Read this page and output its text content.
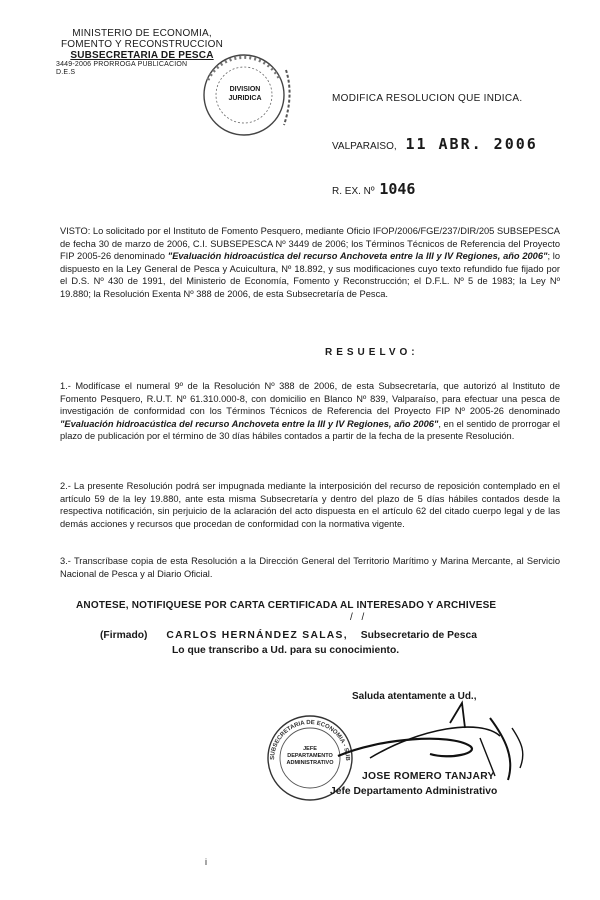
MINISTERIO DE ECONOMIA,
FOMENTO Y RECONSTRUCCION
SUBSECRETARIA DE PESCA
3449-2006 PRORROGA PUBLICACION
D.E.S
DIVISION
JURIDICA	MODIFICA RESOLUCION QUE INDICA.
VALPARAISO, 11 ABR. 2006
R. EX. Nº 1046
VISTO: Lo solicitado por el Instituto de Fomento Pesquero, mediante Oficio IFOP/2006/FGE/237/DIR/205 SUBSEPESCA de fecha 30 de marzo de 2006, C.I. SUBSEPESCA Nº 3449 de 2006; los Términos Técnicos de Referencia del Proyecto FIP 2005-26 denominado "Evaluación hidroacústica del recurso Anchoveta entre la III y IV Regiones, año 2006"; lo dispuesto en la Ley General de Pesca y Acuicultura, Nº 18.892, y sus modificaciones cuyo texto refundido fue fijado por el D.S. Nº 430 de 1991, del Ministerio de Economía, Fomento y Reconstrucción; el D.F.L. Nº 5 de 1983; la Ley Nº 19.880; la Resolución Exenta Nº 388 de 2006, de esta Subsecretaría de Pesca.
RESUELVO:
1.- Modifícase el numeral 9º de la Resolución Nº 388 de 2006, de esta Subsecretaría, que autorizó al Instituto de Fomento Pesquero, R.U.T. Nº 61.310.000-8, con domicilio en Blanco Nº 839, Valparaíso, para efectuar una pesca de investigación de conformidad con los Términos Técnicos de Referencia del Proyecto FIP Nº 2005-26 denominado "Evaluación hidroacústica del recurso Anchoveta entre la III y IV Regiones, año 2006", en el sentido de prorrogar el plazo de publicación por el término de 30 días hábiles contados a partir de la fecha de la presente Resolución.
2.- La presente Resolución podrá ser impugnada mediante la interposición del recurso de reposición contemplado en el artículo 59 de la ley 19.880, ante esta misma Subsecretaría y dentro del plazo de 5 días hábiles contados desde la respectiva notificación, sin perjuicio de la aclaración del acto dispuesta en el artículo 62 del citado cuerpo legal y de las demás acciones y recursos que procedan de conformidad con la normativa vigente.
3.- Transcríbase copia de esta Resolución a la Dirección General del Territorio Marítimo y Marina Mercante, al Servicio Nacional de Pesca y al Diario Oficial.
ANOTESE, NOTIFIQUESE POR CARTA CERTIFICADA AL INTERESADO Y ARCHIVESE
/ /
(Firmado) CARLOS HERNÁNDEZ SALAS, Subsecretario de Pesca
Lo que transcribo a Ud. para su conocimiento.
Saluda atentamente a Ud.,
SUBSECRETARIA DE ECONOMIA - SUB
JEFE
DEPARTAMENTO
ADMINISTRATIVO
JOSE ROMERO TANJARY
Jefe Departamento Administrativo
i
